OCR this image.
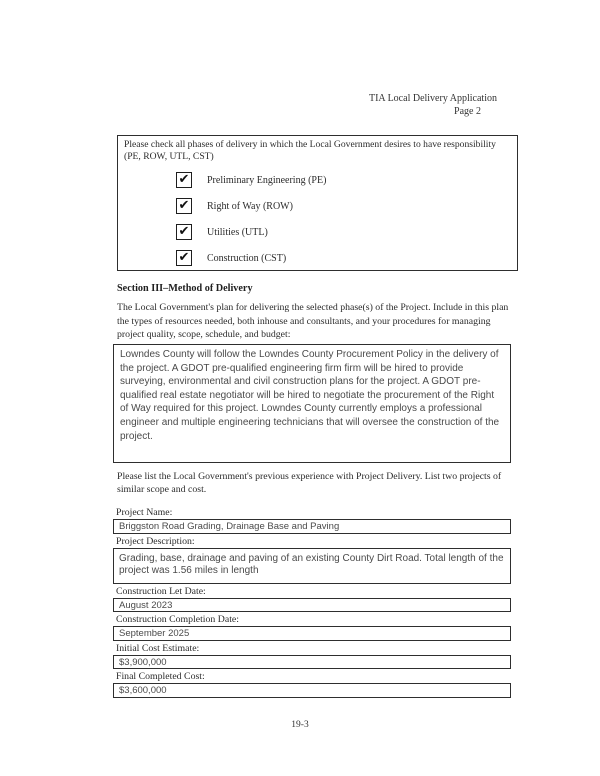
TIA Local Delivery Application
Page 2
Please check all phases of delivery in which the Local Government desires to have responsibility (PE, ROW, UTL, CST)
✔ Preliminary Engineering (PE)
✔ Right of Way (ROW)
✔ Utilities (UTL)
✔ Construction (CST)
Section III–Method of Delivery
The Local Government's plan for delivering the selected phase(s) of the Project. Include in this plan the types of resources needed, both inhouse and consultants, and your procedures for managing project quality, scope, schedule, and budget:
Lowndes County will follow the Lowndes County Procurement Policy in the delivery of the project. A GDOT pre-qualified engineering firm firm will be hired to provide surveying, environmental and civil construction plans for the project. A GDOT pre-qualified real estate negotiator will be hired to negotiate the procurement of the Right of Way required for this project. Lowndes County currently employs a professional engineer and multiple engineering technicians that will oversee the construction of the project.
Please list the Local Government's previous experience with Project Delivery. List two projects of similar scope and cost.
Project Name:
Briggston Road Grading, Drainage Base and Paving
Project Description:
Grading, base, drainage and paving of an existing County Dirt Road. Total length of the project was 1.56 miles in length
Construction Let Date:
August 2023
Construction Completion Date:
September 2025
Initial Cost Estimate:
$3,900,000
Final Completed Cost:
$3,600,000
19-3
